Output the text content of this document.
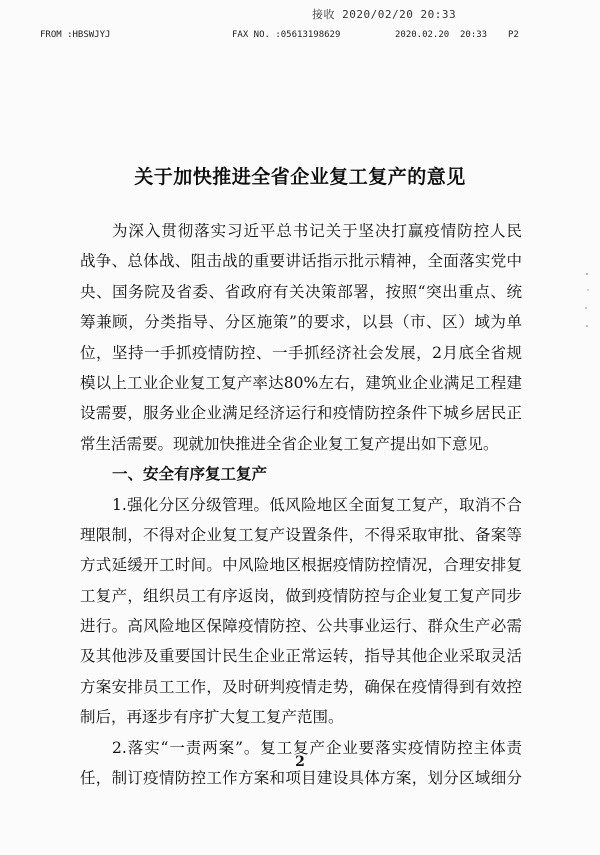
接收 2020/02/20 20:33
FROM :HBSWJYJ	FAX NO. :05613198629	2020.02.20 20:33 P2
关于加快推进全省企业复工复产的意见
为深入贯彻落实习近平总书记关于坚决打赢疫情防控人民
战争、总体战、阻击战的重要讲话指示批示精神，全面落实党中
央、国务院及省委、省政府有关决策部署，按照“突出重点、统
筹兼顾，分类指导、分区施策”的要求，以县（市、区）域为单
位，坚持一手抓疫情防控、一手抓经济社会发展，2月底全省规
模以上工业企业复工复产率达80%左右，建筑业企业满足工程建
设需要，服务业企业满足经济运行和疫情防控条件下城乡居民正
常生活需要。现就加快推进全省企业复工复产提出如下意见。
一、安全有序复工复产
1.强化分区分级管理。低风险地区全面复工复产，取消不合
理限制，不得对企业复工复产设置条件，不得采取审批、备案等
方式延缓开工时间。中风险地区根据疫情防控情况，合理安排复
工复产，组织员工有序返岗，做到疫情防控与企业复工复产同步
进行。高风险地区保障疫情防控、公共事业运行、群众生产必需
及其他涉及重要国计民生企业正常运转，指导其他企业采取灵活
方案安排员工工作，及时研判疫情走势，确保在疫情得到有效控
制后，再逐步有序扩大复工复产范围。
2.落实“一责两案”。复工复产企业要落实疫情防控主体责
任，制订疫情防控工作方案和项目建设具体方案，划分区域细分
2
